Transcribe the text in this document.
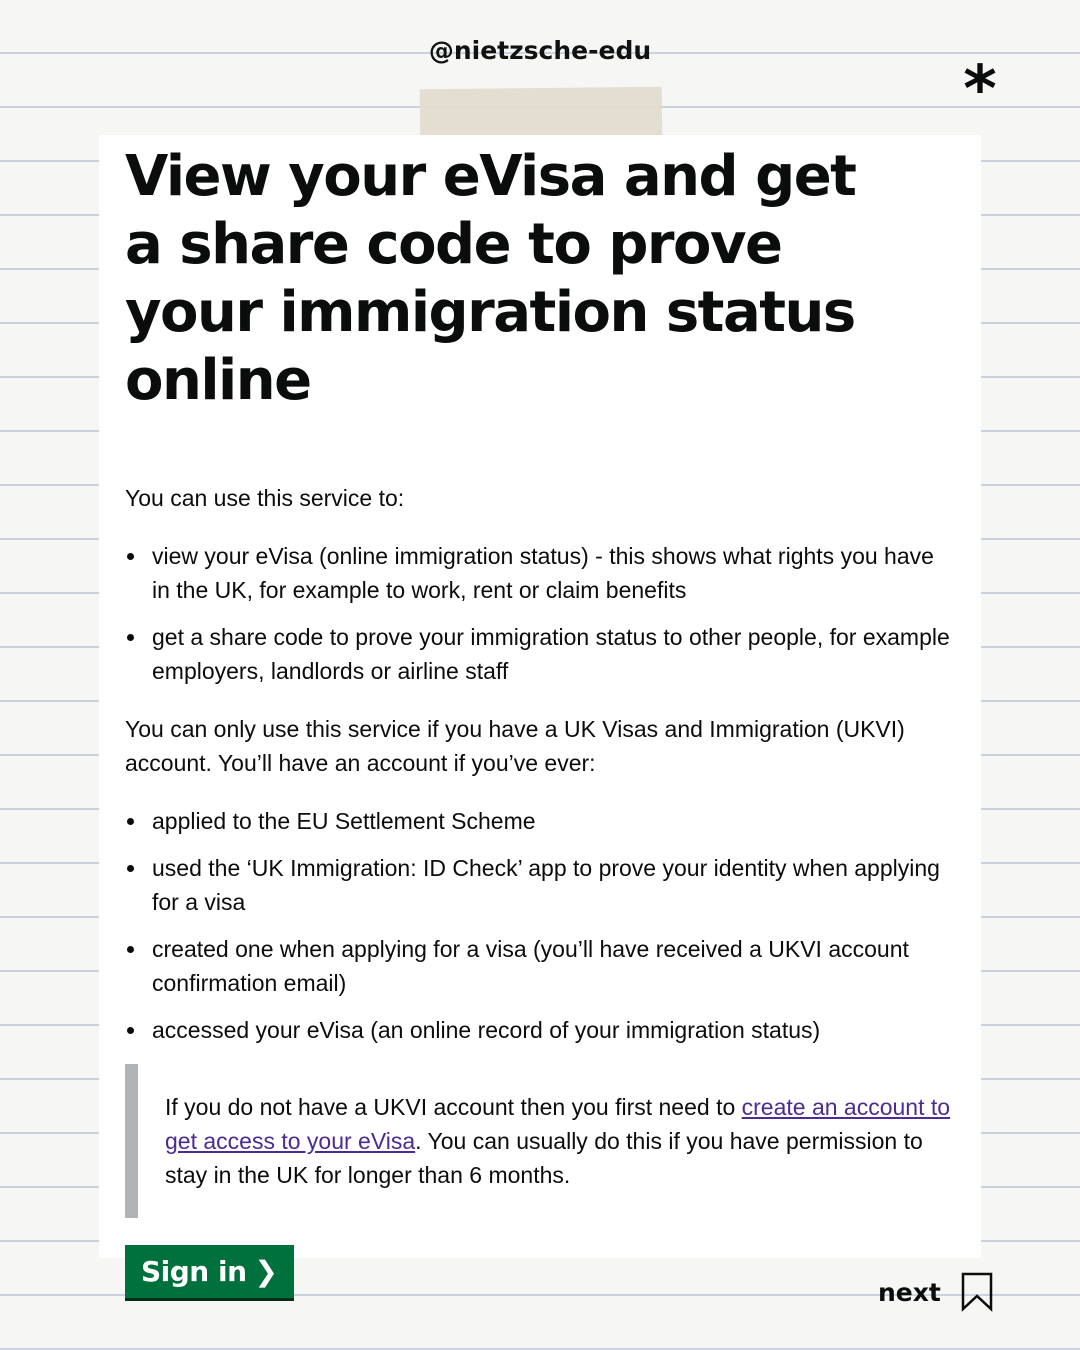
@nietzsche-edu
*
View your eVisa and get a share code to prove your immigration status online

You can use this service to:

view your eVisa (online immigration status) - this shows what rights you have in the UK, for example to work, rent or claim benefits
get a share code to prove your immigration status to other people, for example employers, landlords or airline staff

You can only use this service if you have a UK Visas and Immigration (UKVI) account. You’ll have an account if you’ve ever:

applied to the EU Settlement Scheme
used the ‘UK Immigration: ID Check’ app to prove your identity when applying for a visa
created one when applying for a visa (you’ll have received a UKVI account confirmation email)
accessed your eVisa (an online record of your immigration status)

If you do not have a UKVI account then you first need to create an account to get access to your eVisa. You can usually do this if you have permission to stay in the UK for longer than 6 months.

Sign in ❯
next
